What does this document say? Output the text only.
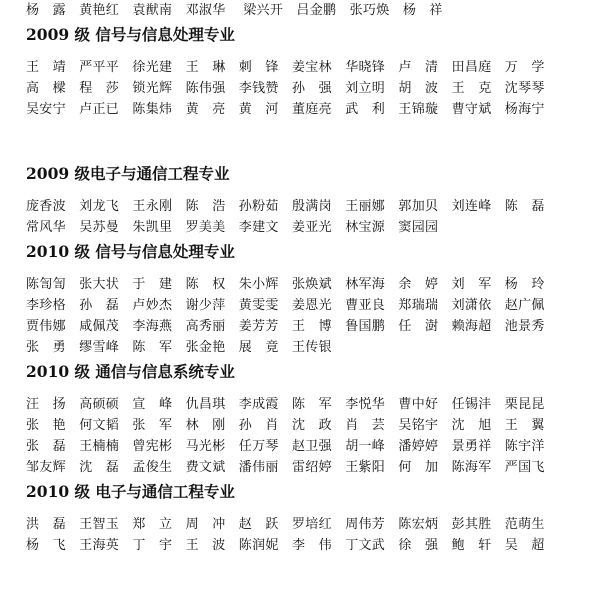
杨　露　黄艳红　袁猷南　邓淑华　 梁兴开　吕金鹏　张巧焕　杨　祥
2009 级 信号与信息处理专业
王　靖　严平平　徐光建　王　琳　刺　锋　姜宝林　华晓锋　卢　清　田昌庭　万　学
高　樑　程　莎　锁光辉　陈伟强　李钱赞　孙　强　刘立明　胡　波　王　克　沈琴琴
吴安宁　卢正已　陈集炜　黄　亮　黄　河　董庭亮　武　利　王锦璇　曹守斌　杨海宁
2009 级电子与通信工程专业
庞香波　刘龙飞　王永刚　陈　浩　孙粉茹　殷满岗　王丽娜　郭加贝　刘连峰　陈　磊
常风华　吴苏曼　朱凯里　罗美美　李建文　姜亚光　林宝源　窦园园
2010 级 信号与信息处理专业
陈訇訇　张大状　于　建　陈　权　朱小辉　张焕斌　林军海　余　婷　刘　军　杨　玲
李珍格　孙　磊　卢妙杰　谢少萍　黄雯雯　姜恩光　曹亚良　郑瑞瑞　刘潇依　赵广佩
贾伟娜　咸佩茂　李海燕　高秀丽　姜芳芳　王　博　鲁国鹏　任　澍　赖海超　池景秀
张　勇　缪雪峰　陈　军　张金艳　展　竟　王传银
2010 级 通信与信息系统专业
汪　扬　高硕硕　宣　峰　仇昌琪　李成霞　陈　军　李悦华　曹中好　任锡沣　栗昆昆
张　艳　何文韬　张　军　林　刚　孙　肖　沈　政　肖　芸　吴铭宇　沈　旭　王　翼
张　磊　王楠楠　曾宪彬　马光彬　任万琴　赵卫强　胡一峰　潘婷婷　景勇祥　陈宇洋
邹友辉　沈　磊　孟俊生　费文斌　潘伟丽　雷绍婷　王紫阳　何　加　陈海军　严国飞
2010 级 电子与通信工程专业
洪　磊　王智玉　郑　立　周　冲　赵　跃　罗培红　周伟芳　陈宏炳　彭其胜　范萌生
杨　飞　王海英　丁　宇　王　波　陈润妮　李　伟　丁文武　徐　强　鲍　轩　吴　超
